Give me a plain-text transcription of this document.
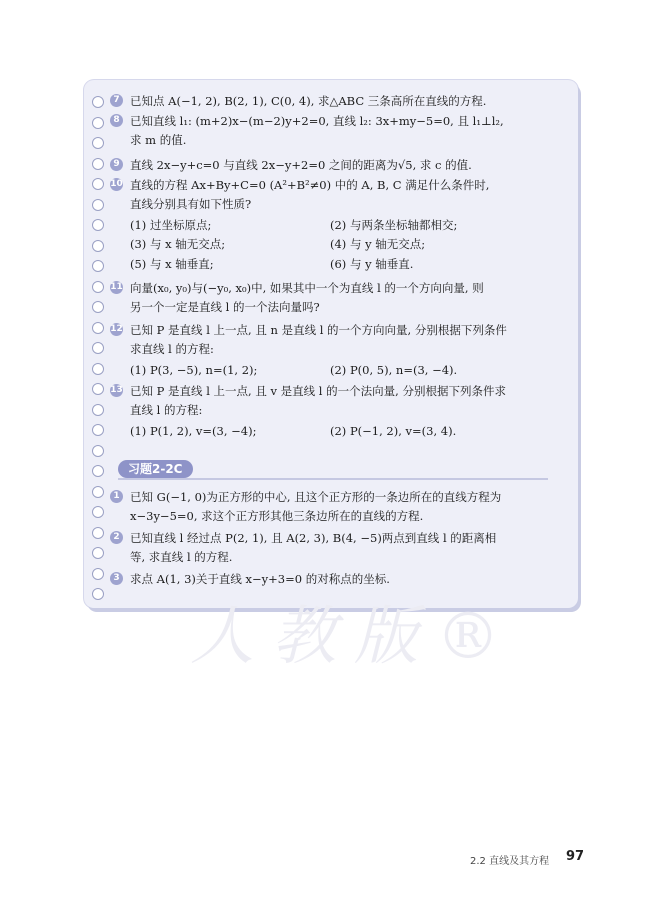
人教版®
7 已知点 A(−1, 2), B(2, 1), C(0, 4), 求△ABC 三条高所在直线的方程.
8 已知直线 l₁: (m+2)x−(m−2)y+2=0, 直线 l₂: 3x+my−5=0, 且 l₁⊥l₂,
求 m 的值.
9 直线 2x−y+c=0 与直线 2x−y+2=0 之间的距离为√5, 求 c 的值.
10 直线的方程 Ax+By+C=0 (A²+B²≠0) 中的 A, B, C 满足什么条件时,
直线分别具有如下性质?
(1) 过坐标原点;	(2) 与两条坐标轴都相交;
(3) 与 x 轴无交点;	(4) 与 y 轴无交点;
(5) 与 x 轴垂直;	(6) 与 y 轴垂直.
11 向量(x₀, y₀)与(−y₀, x₀)中, 如果其中一个为直线 l 的一个方向向量, 则
另一个一定是直线 l 的一个法向量吗?
12 已知 P 是直线 l 上一点, 且 n 是直线 l 的一个方向向量, 分别根据下列条件
求直线 l 的方程:
(1) P(3, −5), n=(1, 2);	(2) P(0, 5), n=(3, −4).
13 已知 P 是直线 l 上一点, 且 v 是直线 l 的一个法向量, 分别根据下列条件求
直线 l 的方程:
(1) P(1, 2), v=(3, −4);	(2) P(−1, 2), v=(3, 4).
1 已知 G(−1, 0)为正方形的中心, 且这个正方形的一条边所在的直线方程为
x−3y−5=0, 求这个正方形其他三条边所在的直线的方程.
2 已知直线 l 经过点 P(2, 1), 且 A(2, 3), B(4, −5)两点到直线 l 的距离相
等, 求直线 l 的方程.
3 求点 A(1, 3)关于直线 x−y+3=0 的对称点的坐标.
习题2-2C
2.2 直线及其方程 97
